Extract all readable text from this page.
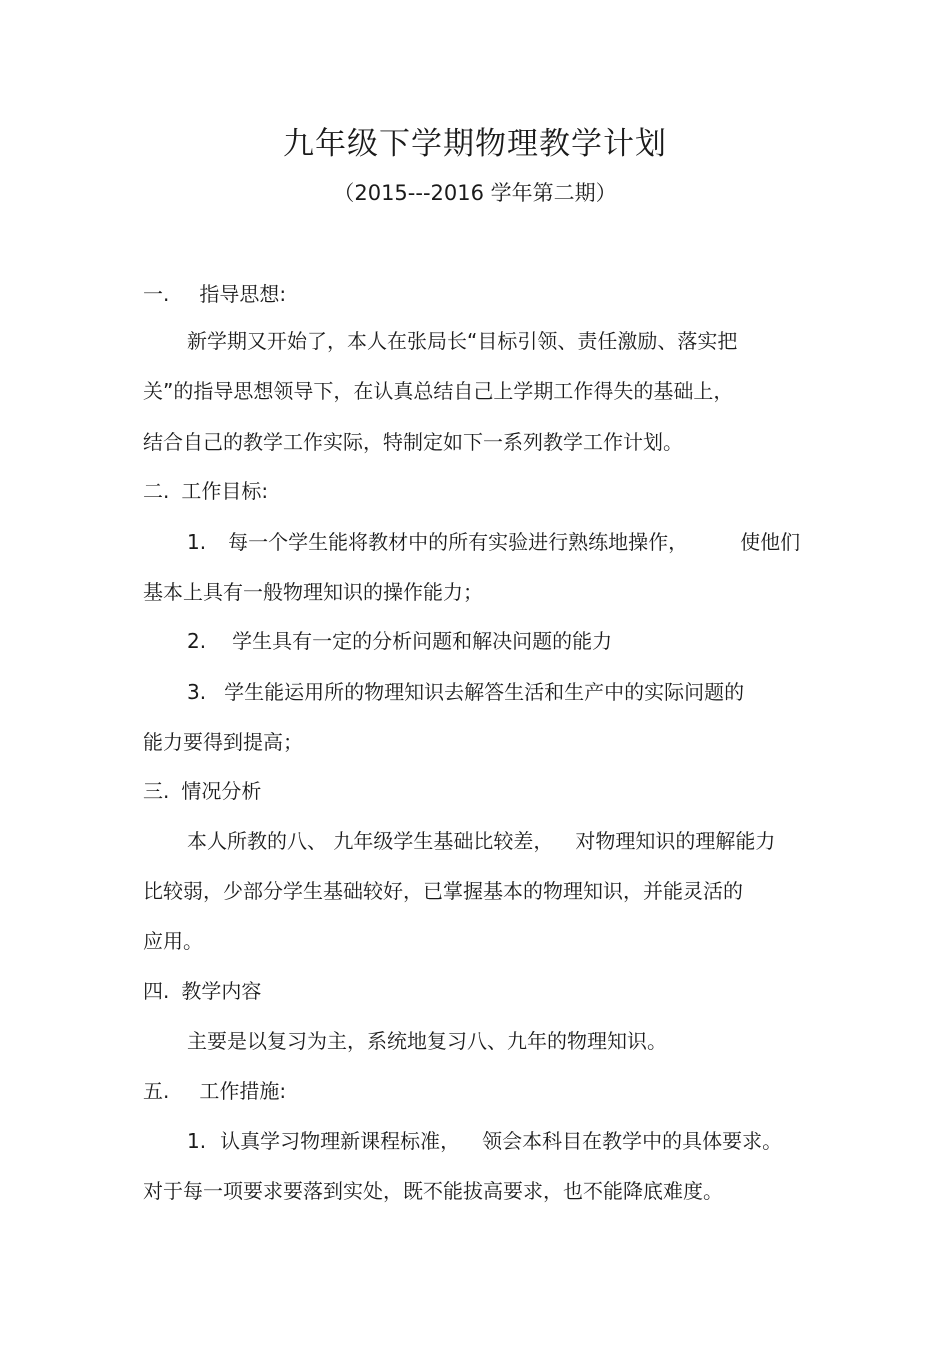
九年级下学期物理教学计划
（2015---2016 学年第二期）
一. 指导思想:
新学期又开始了，本人在张局长“目标引领、责任激励、落实把
关”的指导思想领导下，在认真总结自己上学期工作得失的基础上，
结合自己的教学工作实际，特制定如下一系列教学工作计划。
二. 工作目标:
1. 每一个学生能将教材中的所有实验进行熟练地操作，	使他们
基本上具有一般物理知识的操作能力；
2. 学生具有一定的分析问题和解决问题的能力
3. 学生能运用所的物理知识去解答生活和生产中的实际问题的
能力要得到提高；
三. 情况分析
本人所教的八、 九年级学生基础比较差， 对物理知识的理解能力
比较弱，少部分学生基础较好，已掌握基本的物理知识，并能灵活的
应用。
四. 教学内容
主要是以复习为主，系统地复习八、九年的物理知识。
五. 工作措施:
1. 认真学习物理新课程标准， 领会本科目在教学中的具体要求。
对于每一项要求要落到实处，既不能拔高要求，也不能降底难度。
